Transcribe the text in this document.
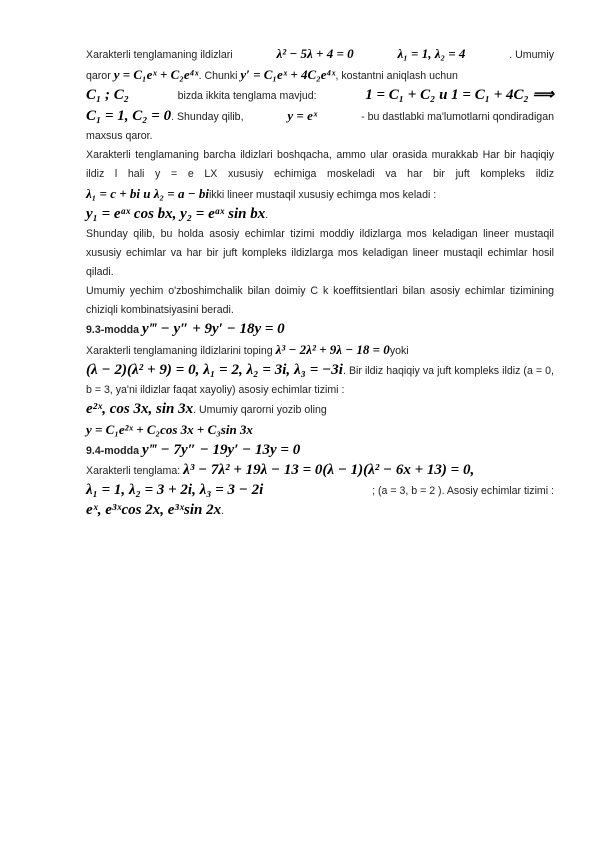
Xarakterli tenglamaning ildizlari	λ² − 5λ + 4 = 0	λ₁ = 1, λ₂ = 4	. Umumiy
qaror y = C₁eˣ + C₂e⁴ˣ. Chunki y′ = C₁eˣ + 4C₂e⁴ˣ, kostantni aniqlash uchun
C₁ ; C₂	bizda ikkita tenglama mavjud:	1 = C₁ + C₂ u 1 = C₁ + 4C₂ ⟹
C₁ = 1, C₂ = 0. Shunday qilib,	y = eˣ	- bu dastlabki ma'lumotlarni qondiradigan
maxsus qaror.

Xarakterli tenglamaning barcha ildizlari boshqacha, ammo ular orasida murakkab Har bir haqiqiy ildiz l hali y = e LX xususiy echimiga moskeladi va har bir juft kompleks ildiz λ₁ = c + bi u λ₂ = a − biikki lineer mustaqil xususiy echimga mos keladi :
y₁ = eᵃˣ cos bx, y₂ = eᵃˣ sin bx.

Shunday qilib, bu holda asosiy echimlar tizimi moddiy ildizlarga mos keladigan lineer mustaqil xususiy echimlar va har bir juft kompleks ildizlarga mos keladigan lineer mustaqil echimlar hosil qiladi.

Umumiy yechim o'zboshimchalik bilan doimiy C k koeffitsientlari bilan asosiy echimlar tizimining chiziqli kombinatsiyasini beradi.

9.3-modda y‴ − y″ + 9y′ − 18y = 0
Xarakterli tenglamaning ildizlarini toping λ³ − 2λ² + 9λ − 18 = 0yoki
(λ − 2)(λ² + 9) = 0, λ₁ = 2, λ₂ = 3i, λ₃ = −3i. Bir ildiz haqiqiy va juft kompleks ildiz (a = 0, b = 3, ya'ni ildizlar faqat xayoliy) asosiy echimlar tizimi :
e²ˣ, cos 3x, sin 3x. Umumiy qarorni yozib oling
y = C₁e²ˣ + C₂cos 3x + C₃sin 3x
9.4-modda y‴ − 7y″ − 19y′ − 13y = 0
Xarakterli tenglama: λ³ − 7λ² + 19λ − 13 = 0(λ − 1)(λ² − 6x + 13) = 0,
λ₁ = 1, λ₂ = 3 + 2i, λ₃ = 3 − 2i	; (a = 3, b = 2 ). Asosiy echimlar tizimi :
eˣ, e³ˣcos 2x, e³ˣsin 2x.
